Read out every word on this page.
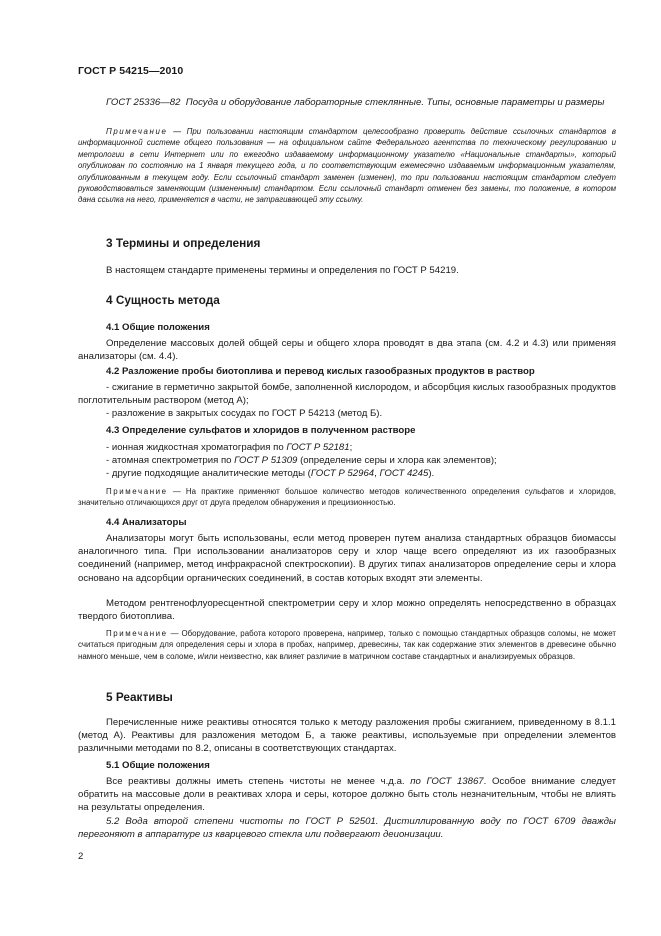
ГОСТ Р 54215—2010
ГОСТ 25336—82 Посуда и оборудование лабораторные стеклянные. Типы, основные параметры и размеры
Примечание — При пользовании настоящим стандартом целесообразно проверить действие ссылочных стандартов в информационной системе общего пользования — на официальном сайте Федерального агентства по техническому регулированию и метрологии в сети Интернет или по ежегодно издаваемому информационному указателю «Национальные стандарты», который опубликован по состоянию на 1 января текущего года, и по соответствующим ежемесячно издаваемым информационным указателям, опубликованным в текущем году. Если ссылочный стандарт заменен (изменен), то при пользовании настоящим стандартом следует руководствоваться заменяющим (измененным) стандартом. Если ссылочный стандарт отменен без замены, то положение, в котором дана ссылка на него, применяется в части, не затрагивающей эту ссылку.
3 Термины и определения
В настоящем стандарте применены термины и определения по ГОСТ Р 54219.
4 Сущность метода
4.1 Общие положения
Определение массовых долей общей серы и общего хлора проводят в два этапа (см. 4.2 и 4.3) или применяя анализаторы (см. 4.4).
4.2 Разложение пробы биотоплива и перевод кислых газообразных продуктов в раствор
- сжигание в герметично закрытой бомбе, заполненной кислородом, и абсорбция кислых газообразных продуктов поглотительным раствором (метод А);
- разложение в закрытых сосудах по ГОСТ Р 54213 (метод Б).
4.3 Определение сульфатов и хлоридов в полученном растворе
- ионная жидкостная хроматография по ГОСТ Р 52181;
- атомная спектрометрия по ГОСТ Р 51309 (определение серы и хлора как элементов);
- другие подходящие аналитические методы (ГОСТ Р 52964, ГОСТ 4245).
Примечание — На практике применяют большое количество методов количественного определения сульфатов и хлоридов, значительно отличающихся друг от друга пределом обнаружения и прецизионностью.
4.4 Анализаторы
Анализаторы могут быть использованы, если метод проверен путем анализа стандартных образцов биомассы аналогичного типа. При использовании анализаторов серу и хлор чаще всего определяют из их газообразных соединений (например, метод инфракрасной спектроскопии). В других типах анализаторов определение серы и хлора основано на адсорбции органических соединений, в состав которых входят эти элементы.
Методом рентгенофлуоресцентной спектрометрии серу и хлор можно определять непосредственно в образцах твердого биотоплива.
Примечание — Оборудование, работа которого проверена, например, только с помощью стандартных образцов соломы, не может считаться пригодным для определения серы и хлора в пробах, например, древесины, так как содержание этих элементов в древесине обычно намного меньше, чем в соломе, и/или неизвестно, как влияет различие в матричном составе стандартных и анализируемых образцов.
5 Реактивы
Перечисленные ниже реактивы относятся только к методу разложения пробы сжиганием, приведенному в 8.1.1 (метод А). Реактивы для разложения методом Б, а также реактивы, используемые при определении элементов различными методами по 8.2, описаны в соответствующих стандартах.
5.1 Общие положения
Все реактивы должны иметь степень чистоты не менее ч.д.а. по ГОСТ 13867. Особое внимание следует обратить на массовые доли в реактивах хлора и серы, которое должно быть столь незначительным, чтобы не влиять на результаты определения.
5.2 Вода второй степени чистоты по ГОСТ Р 52501. Дистиллированную воду по ГОСТ 6709 дважды перегоняют в аппаратуре из кварцевого стекла или подвергают деионизации.
2
